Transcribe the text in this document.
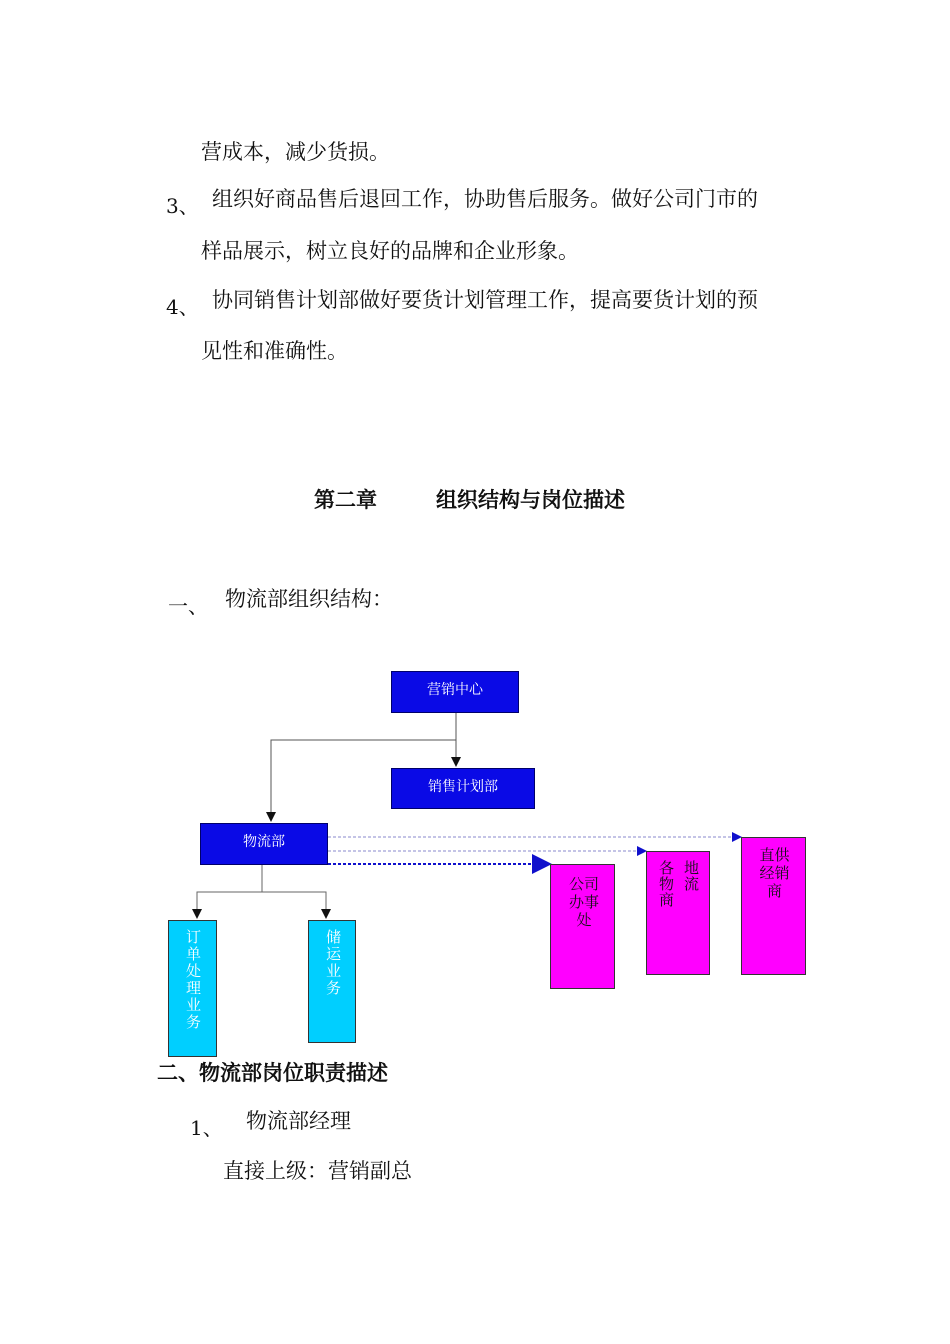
营成本，减少货损。
3、 组织好商品售后退回工作，协助售后服务。做好公司门市的
样品展示，树立良好的品牌和企业形象。
4、 协同销售计划部做好要货计划管理工作，提高要货计划的预
见性和准确性。
第二章	组织结构与岗位描述
一、 物流部组织结构：
营销中心
销售计划部
物流部
订单处理业务	储运业务
公司办事处
各物商 地流
直供
经销
商
二、物流部岗位职责描述
1、 物流部经理
直接上级：营销副总
